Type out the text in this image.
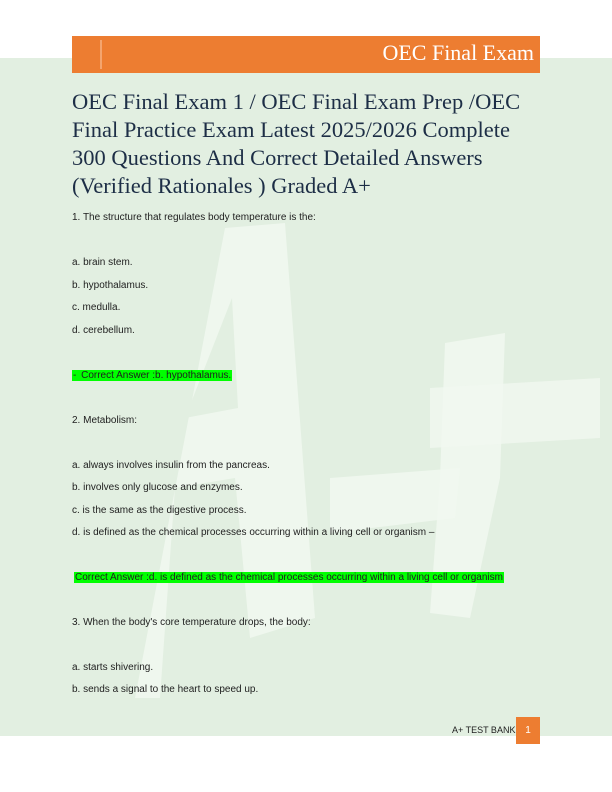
OEC Final Exam
OEC Final Exam 1 / OEC Final Exam Prep /OEC Final Practice Exam Latest 2025/2026 Complete 300 Questions And Correct Detailed Answers (Verified Rationales ) Graded A+
1. The structure that regulates body temperature is the:
a. brain stem.
b. hypothalamus.
c. medulla.
d. cerebellum.
- Correct Answer :b. hypothalamus.
2. Metabolism:
a. always involves insulin from the pancreas.
b. involves only glucose and enzymes.
c. is the same as the digestive process.
d. is defined as the chemical processes occurring within a living cell or organism –
Correct Answer :d. is defined as the chemical processes occurring within a living cell or organism
3. When the body's core temperature drops, the body:
a. starts shivering.
b. sends a signal to the heart to speed up.
A+ TEST BANK 1
